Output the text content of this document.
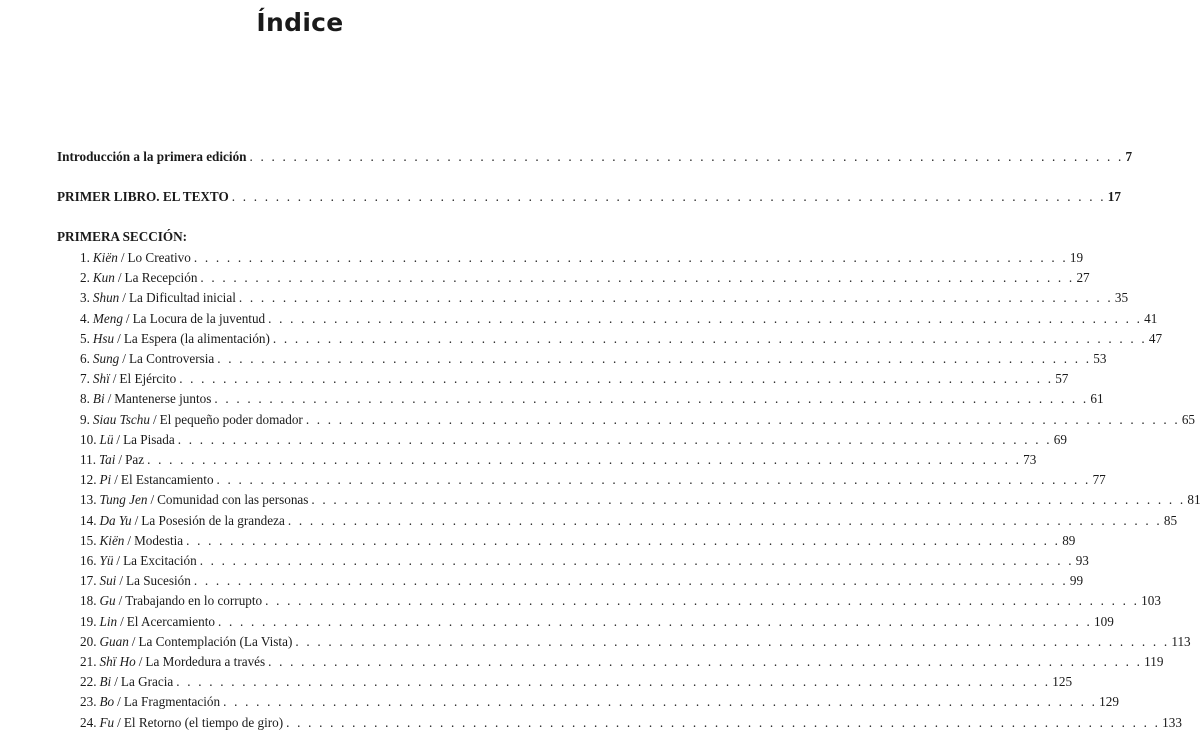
Índice
Introducción a la primera edición . . . . . . . . . . . . . . . . . . . . . . . . . . . . . . . . . . . . . . . . . . . . . . . . . . . . . . . . . . . . . . . . . . . . . . . . . . . . . . . . 7
PRIMER LIBRO. EL TEXTO . . . . . . . . . . . . . . . . . . . . . . . . . . . . . . . . . . . . . . . . . . . . . . . . . . . . . . . . . . . . . . . . . . . . . . . . . . . . . . . . 17
1. Kiën / Lo Creativo . . . . . . . . . . . . . . . . . . . . . . . . . . . . . . . . . . . . . . . . . . . . . . . . . . . . . . . . . . . . . . . . . . . . . . . . . . . . . . . . 19
2. Kun / La Recepción . . . . . . . . . . . . . . . . . . . . . . . . . . . . . . . . . . . . . . . . . . . . . . . . . . . . . . . . . . . . . . . . . . . . . . . . . . . . . . . . 27
3. Shun / La Dificultad inicial . . . . . . . . . . . . . . . . . . . . . . . . . . . . . . . . . . . . . . . . . . . . . . . . . . . . . . . . . . . . . . . . . . . . . . . . . . . . . . . . 35
4. Meng / La Locura de la juventud . . . . . . . . . . . . . . . . . . . . . . . . . . . . . . . . . . . . . . . . . . . . . . . . . . . . . . . . . . . . . . . . . . . . . . . . . . . . . . . . 41
5. Hsu / La Espera (la alimentación) . . . . . . . . . . . . . . . . . . . . . . . . . . . . . . . . . . . . . . . . . . . . . . . . . . . . . . . . . . . . . . . . . . . . . . . . . . . . . . . . 47
6. Sung / La Controversia . . . . . . . . . . . . . . . . . . . . . . . . . . . . . . . . . . . . . . . . . . . . . . . . . . . . . . . . . . . . . . . . . . . . . . . . . . . . . . . . 53
7. Shï / El Ejército . . . . . . . . . . . . . . . . . . . . . . . . . . . . . . . . . . . . . . . . . . . . . . . . . . . . . . . . . . . . . . . . . . . . . . . . . . . . . . . . 57
8. Bi / Mantenerse juntos . . . . . . . . . . . . . . . . . . . . . . . . . . . . . . . . . . . . . . . . . . . . . . . . . . . . . . . . . . . . . . . . . . . . . . . . . . . . . . . . 61
9. Siau Tschu / El pequeño poder domador . . . . . . . . . . . . . . . . . . . . . . . . . . . . . . . . . . . . . . . . . . . . . . . . . . . . . . . . . . . . . . . . . . . . . . . . . . . . . . . . 65
10. Lü / La Pisada . . . . . . . . . . . . . . . . . . . . . . . . . . . . . . . . . . . . . . . . . . . . . . . . . . . . . . . . . . . . . . . . . . . . . . . . . . . . . . . . 69
11. Tai / Paz . . . . . . . . . . . . . . . . . . . . . . . . . . . . . . . . . . . . . . . . . . . . . . . . . . . . . . . . . . . . . . . . . . . . . . . . . . . . . . . . 73
12. Pi / El Estancamiento . . . . . . . . . . . . . . . . . . . . . . . . . . . . . . . . . . . . . . . . . . . . . . . . . . . . . . . . . . . . . . . . . . . . . . . . . . . . . . . . 77
13. Tung Jen / Comunidad con las personas . . . . . . . . . . . . . . . . . . . . . . . . . . . . . . . . . . . . . . . . . . . . . . . . . . . . . . . . . . . . . . . . . . . . . . . . . . . . . . . . 81
14. Da Yu / La Posesión de la grandeza . . . . . . . . . . . . . . . . . . . . . . . . . . . . . . . . . . . . . . . . . . . . . . . . . . . . . . . . . . . . . . . . . . . . . . . . . . . . . . . . 85
15. Kiën / Modestia . . . . . . . . . . . . . . . . . . . . . . . . . . . . . . . . . . . . . . . . . . . . . . . . . . . . . . . . . . . . . . . . . . . . . . . . . . . . . . . . 89
16. Yü / La Excitación . . . . . . . . . . . . . . . . . . . . . . . . . . . . . . . . . . . . . . . . . . . . . . . . . . . . . . . . . . . . . . . . . . . . . . . . . . . . . . . . 93
17. Sui / La Sucesión . . . . . . . . . . . . . . . . . . . . . . . . . . . . . . . . . . . . . . . . . . . . . . . . . . . . . . . . . . . . . . . . . . . . . . . . . . . . . . . . 99
18. Gu / Trabajando en lo corrupto . . . . . . . . . . . . . . . . . . . . . . . . . . . . . . . . . . . . . . . . . . . . . . . . . . . . . . . . . . . . . . . . . . . . . . . . . . . . . . . . 103
19. Lin / El Acercamiento . . . . . . . . . . . . . . . . . . . . . . . . . . . . . . . . . . . . . . . . . . . . . . . . . . . . . . . . . . . . . . . . . . . . . . . . . . . . . . . . 109
20. Guan / La Contemplación (La Vista) . . . . . . . . . . . . . . . . . . . . . . . . . . . . . . . . . . . . . . . . . . . . . . . . . . . . . . . . . . . . . . . . . . . . . . . . . . . . . . . . 113
21. Shï Ho / La Mordedura a través . . . . . . . . . . . . . . . . . . . . . . . . . . . . . . . . . . . . . . . . . . . . . . . . . . . . . . . . . . . . . . . . . . . . . . . . . . . . . . . . 119
22. Bi / La Gracia . . . . . . . . . . . . . . . . . . . . . . . . . . . . . . . . . . . . . . . . . . . . . . . . . . . . . . . . . . . . . . . . . . . . . . . . . . . . . . . . 125
23. Bo / La Fragmentación . . . . . . . . . . . . . . . . . . . . . . . . . . . . . . . . . . . . . . . . . . . . . . . . . . . . . . . . . . . . . . . . . . . . . . . . . . . . . . . . 129
24. Fu / El Retorno (el tiempo de giro) . . . . . . . . . . . . . . . . . . . . . . . . . . . . . . . . . . . . . . . . . . . . . . . . . . . . . . . . . . . . . . . . . . . . . . . . . . . . . . . . 133
PRIMERA SECCIÓN:
